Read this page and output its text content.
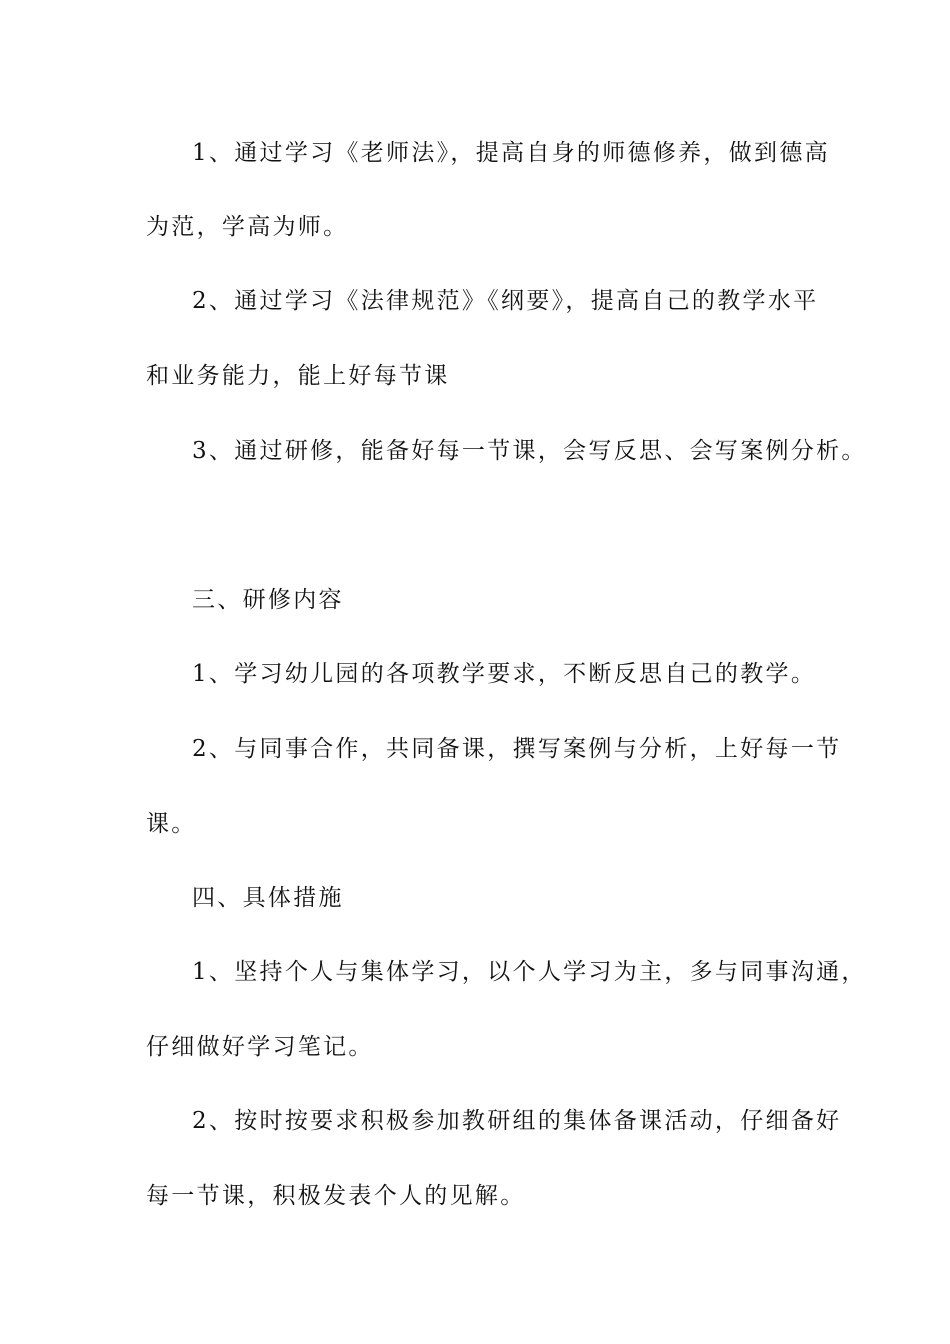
1、通过学习《老师法》，提高自身的师德修养，做到德高
为范，学高为师。
2、通过学习《法律规范》《纲要》，提高自己的教学水平
和业务能力，能上好每节课
3、通过研修，能备好每一节课，会写反思、会写案例分析。
三、研修内容
1、学习幼儿园的各项教学要求，不断反思自己的教学。
2、与同事合作，共同备课，撰写案例与分析，上好每一节
课。
四、具体措施
1、坚持个人与集体学习，以个人学习为主，多与同事沟通，
仔细做好学习笔记。
2、按时按要求积极参加教研组的集体备课活动，仔细备好
每一节课，积极发表个人的见解。
